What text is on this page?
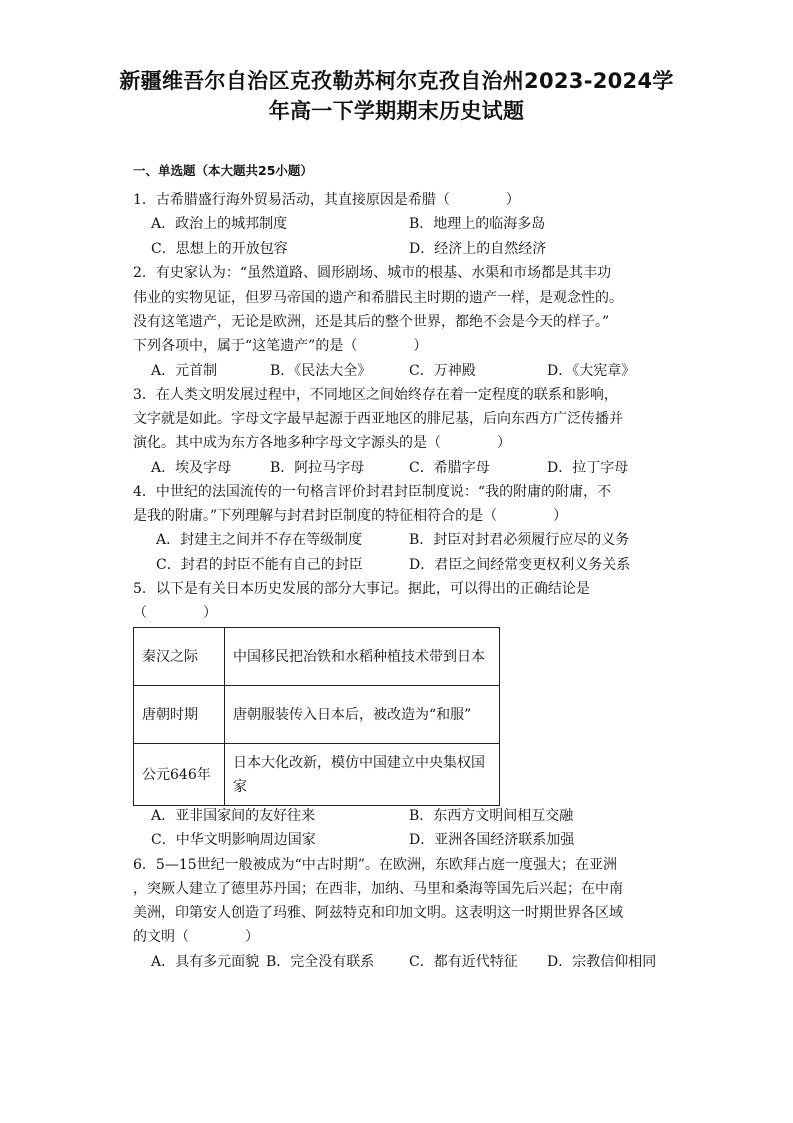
新疆维吾尔自治区克孜勒苏柯尔克孜自治州2023-2024学
年高一下学期期末历史试题
一、单选题（本大题共25小题）
1．古希腊盛行海外贸易活动，其直接原因是希腊（　　　　）
A．政治上的城邦制度	B．地理上的临海多岛
C．思想上的开放包容	D．经济上的自然经济
2．有史家认为：“虽然道路、圆形剧场、城市的根基、水渠和市场都是其丰功
伟业的实物见证，但罗马帝国的遗产和希腊民主时期的遗产一样，是观念性的。
没有这笔遗产，无论是欧洲，还是其后的整个世界，都绝不会是今天的样子。”
下列各项中，属于“这笔遗产”的是（　　　　）
A．元首制	B．《民法大全》	C．万神殿	D．《大宪章》
3．在人类文明发展过程中，不同地区之间始终存在着一定程度的联系和影响，
文字就是如此。字母文字最早起源于西亚地区的腓尼基，后向东西方广泛传播并
演化。其中成为东方各地多种字母文字源头的是（　　　　）
A．埃及字母	B．阿拉马字母	C．希腊字母	D．拉丁字母
4．中世纪的法国流传的一句格言评价封君封臣制度说：“我的附庸的附庸，不
是我的附庸。”下列理解与封君封臣制度的特征相符合的是（　　　　）
A．封建主之间并不存在等级制度	B．封臣对封君必须履行应尽的义务
C．封君的封臣不能有自己的封臣	D．君臣之间经常变更权利义务关系
5．以下是有关日本历史发展的部分大事记。据此，可以得出的正确结论是
（　　　　）
秦汉之际	中国移民把冶铁和水稻种植技术带到日本
唐朝时期	唐朝服装传入日本后，被改造为“和服”
公元646年	日本大化改新，模仿中国建立中央集权国家
A．亚非国家间的友好往来	B．东西方文明间相互交融
C．中华文明影响周边国家	D．亚洲各国经济联系加强
6．5—15世纪一般被成为“中古时期”。在欧洲，东欧拜占庭一度强大；在亚洲
，突厥人建立了德里苏丹国；在西非，加纳、马里和桑海等国先后兴起；在中南
美洲，印第安人创造了玛雅、阿兹特克和印加文明。这表明这一时期世界各区域
的文明（　　　　）
A．具有多元面貌 B．完全没有联系 C．都有近代特征 D．宗教信仰相同
